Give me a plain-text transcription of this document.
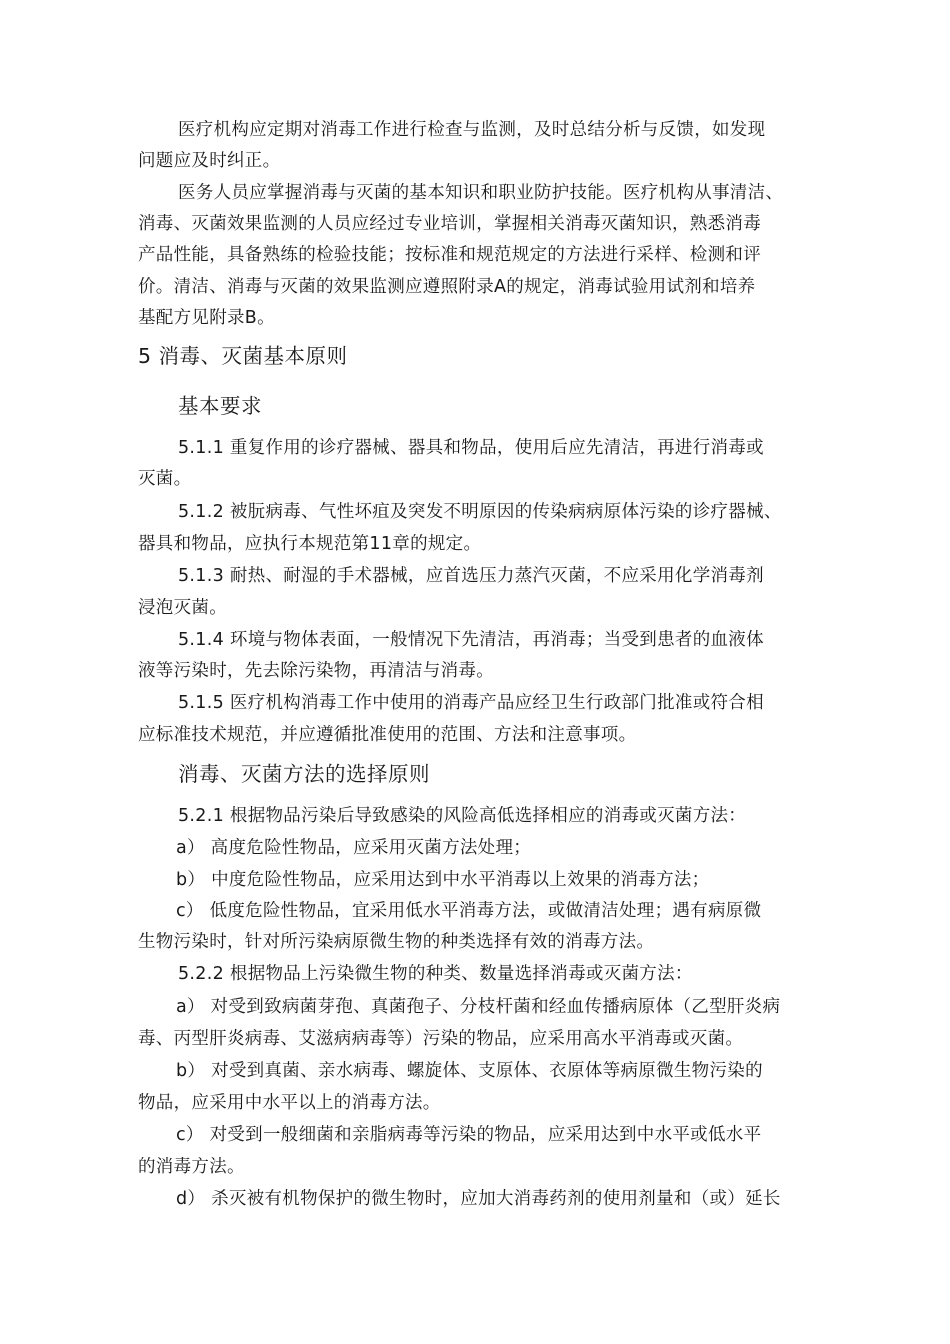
医疗机构应定期对消毒工作进行检查与监测，及时总结分析与反馈，如发现
问题应及时纠正。
医务人员应掌握消毒与灭菌的基本知识和职业防护技能。医疗机构从事清洁、
消毒、灭菌效果监测的人员应经过专业培训，掌握相关消毒灭菌知识，熟悉消毒
产品性能，具备熟练的检验技能；按标准和规范规定的方法进行采样、检测和评
价。清洁、消毒与灭菌的效果监测应遵照附录A的规定，消毒试验用试剂和培养
基配方见附录B。
5 消毒、灭菌基本原则
基本要求
5.1.1 重复作用的诊疗器械、器具和物品，使用后应先清洁，再进行消毒或
灭菌。
5.1.2 被朊病毒、气性坏疽及突发不明原因的传染病病原体污染的诊疗器械、
器具和物品，应执行本规范第11章的规定。
5.1.3 耐热、耐湿的手术器械，应首选压力蒸汽灭菌，不应采用化学消毒剂
浸泡灭菌。
5.1.4 环境与物体表面，一般情况下先清洁，再消毒；当受到患者的血液体
液等污染时，先去除污染物，再清洁与消毒。
5.1.5 医疗机构消毒工作中使用的消毒产品应经卫生行政部门批准或符合相
应标准技术规范，并应遵循批准使用的范围、方法和注意事项。
消毒、灭菌方法的选择原则
5.2.1 根据物品污染后导致感染的风险高低选择相应的消毒或灭菌方法：
a） 高度危险性物品，应采用灭菌方法处理；
b） 中度危险性物品，应采用达到中水平消毒以上效果的消毒方法；
c） 低度危险性物品，宜采用低水平消毒方法，或做清洁处理；遇有病原微
生物污染时，针对所污染病原微生物的种类选择有效的消毒方法。
5.2.2 根据物品上污染微生物的种类、数量选择消毒或灭菌方法：
a） 对受到致病菌芽孢、真菌孢子、分枝杆菌和经血传播病原体（乙型肝炎病
毒、丙型肝炎病毒、艾滋病病毒等）污染的物品，应采用高水平消毒或灭菌。
b） 对受到真菌、亲水病毒、螺旋体、支原体、衣原体等病原微生物污染的
物品，应采用中水平以上的消毒方法。
c） 对受到一般细菌和亲脂病毒等污染的物品，应采用达到中水平或低水平
的消毒方法。
d） 杀灭被有机物保护的微生物时，应加大消毒药剂的使用剂量和（或）延长
